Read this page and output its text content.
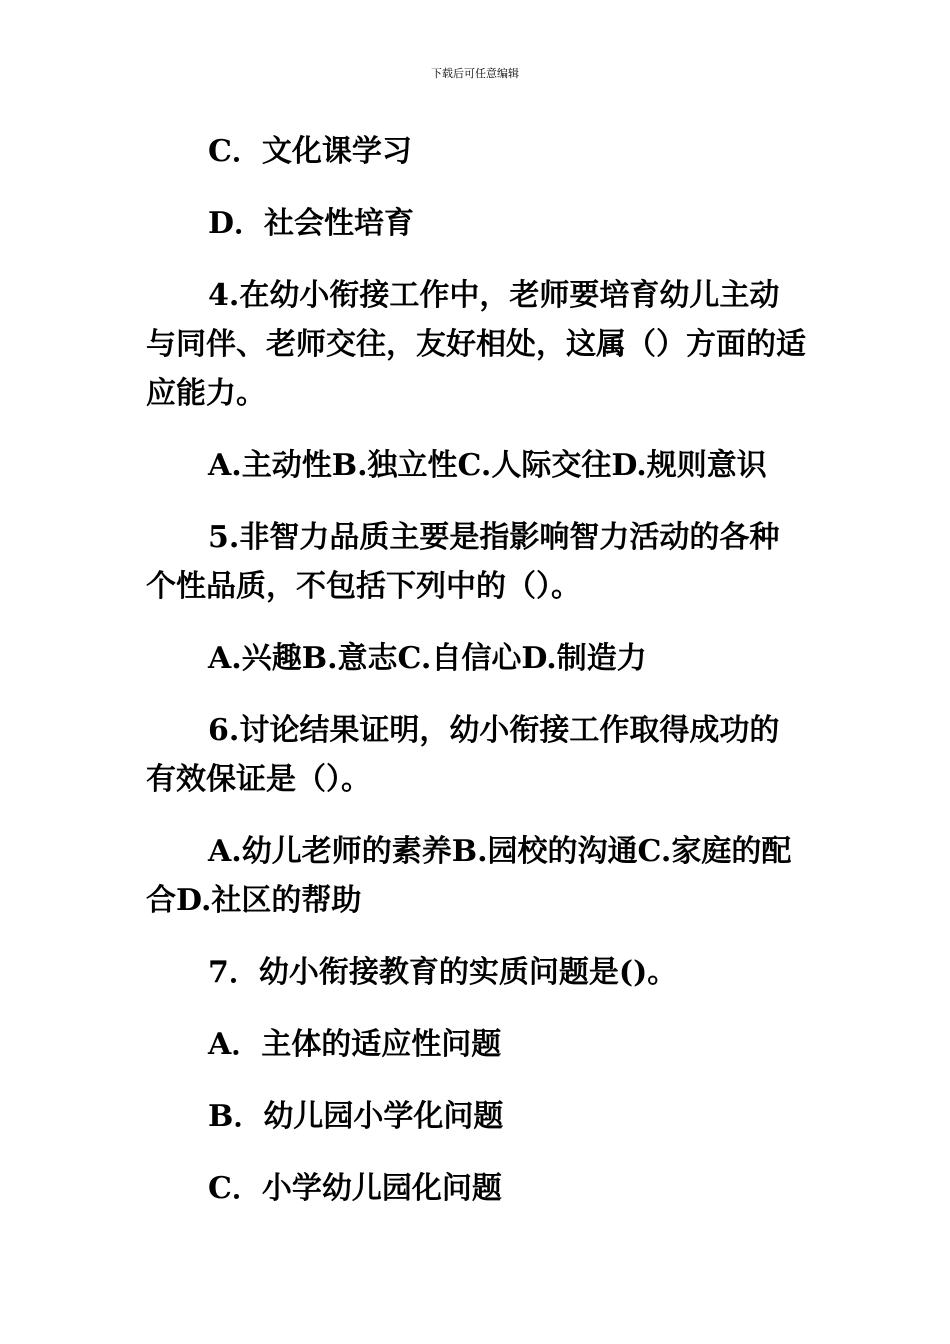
下载后可任意编辑

C．文化课学习

D．社会性培育

4.在幼小衔接工作中，老师要培育幼儿主动与同伴、老师交往，友好相处，这属（）方面的适应能力。

A.主动性B.独立性C.人际交往D.规则意识

5.非智力品质主要是指影响智力活动的各种个性品质，不包括下列中的（）。

A.兴趣B.意志C.自信心D.制造力

6.讨论结果证明，幼小衔接工作取得成功的有效保证是（）。

A.幼儿老师的素养B.园校的沟通C.家庭的配合D.社区的帮助

7．幼小衔接教育的实质问题是()。

A．主体的适应性问题

B．幼儿园小学化问题

C．小学幼儿园化问题
